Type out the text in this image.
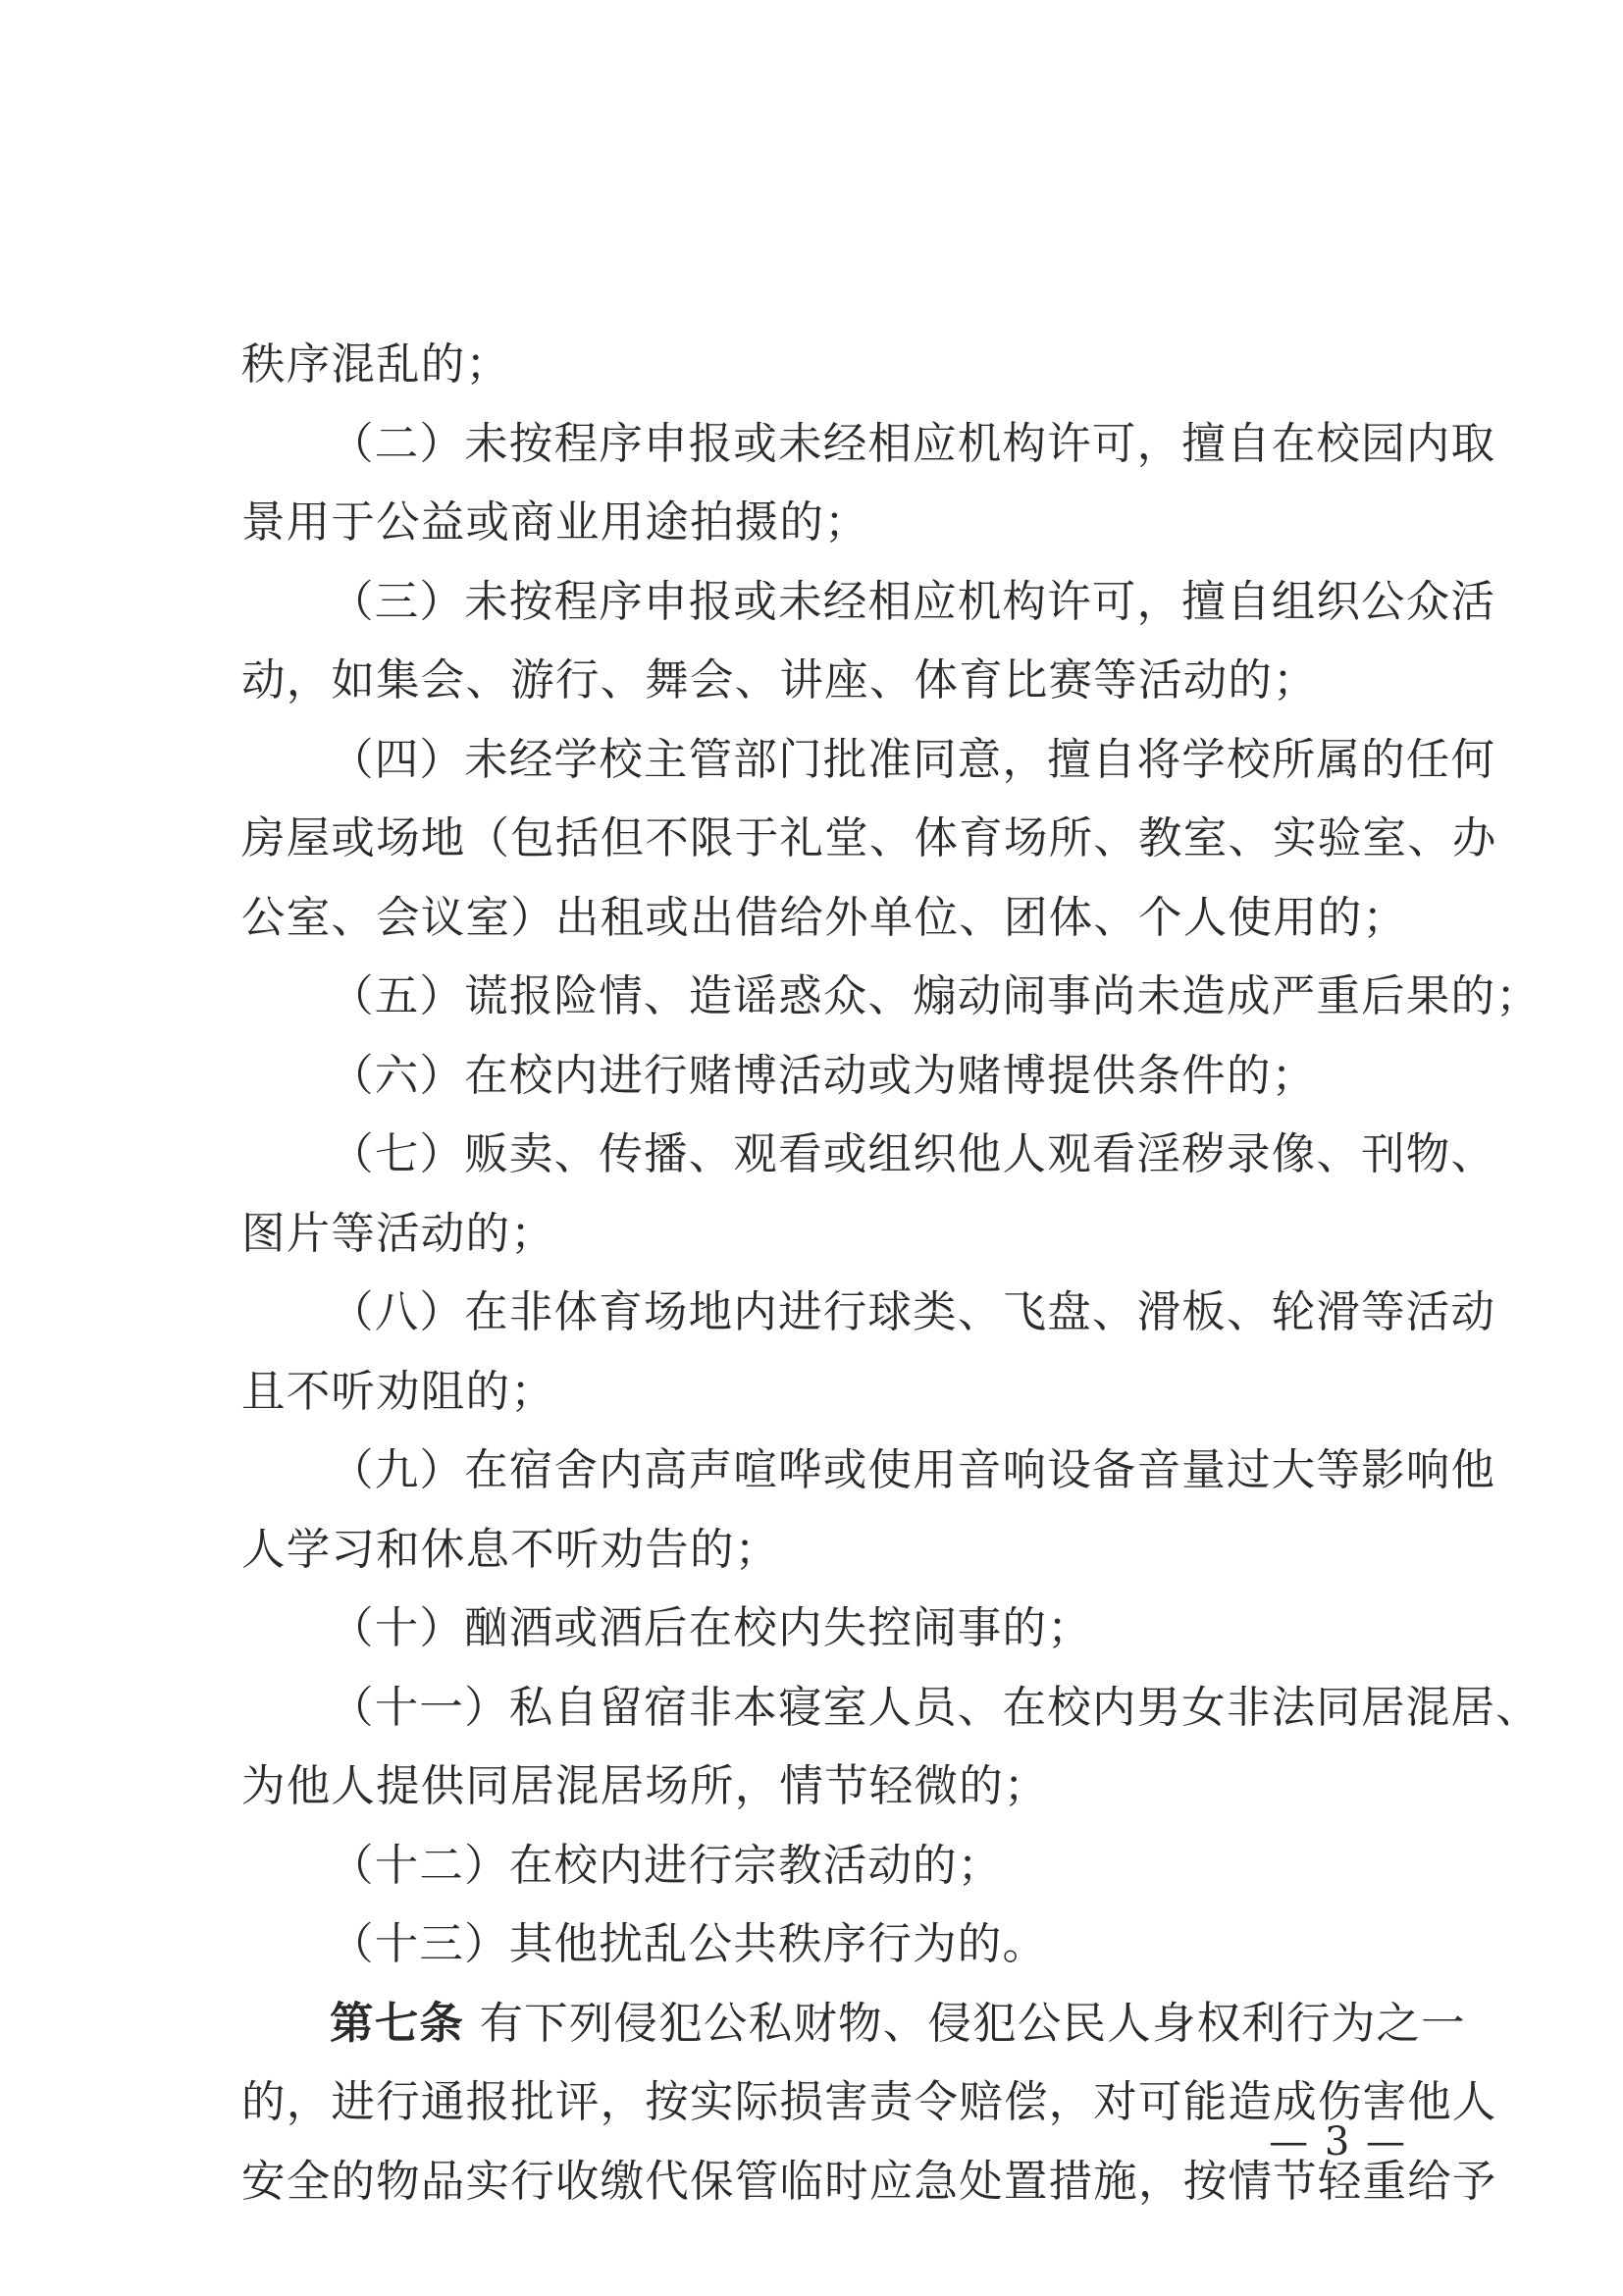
秩序混乱的；
（二）未按程序申报或未经相应机构许可，擅自在校园内取
景用于公益或商业用途拍摄的；
（三）未按程序申报或未经相应机构许可，擅自组织公众活
动，如集会、游行、舞会、讲座、体育比赛等活动的；
（四）未经学校主管部门批准同意，擅自将学校所属的任何
房屋或场地（包括但不限于礼堂、体育场所、教室、实验室、办
公室、会议室）出租或出借给外单位、团体、个人使用的；
（五）谎报险情、造谣惑众、煽动闹事尚未造成严重后果的；
（六）在校内进行赌博活动或为赌博提供条件的；
（七）贩卖、传播、观看或组织他人观看淫秽录像、刊物、
图片等活动的；
（八）在非体育场地内进行球类、飞盘、滑板、轮滑等活动
且不听劝阻的；
（九）在宿舍内高声喧哗或使用音响设备音量过大等影响他
人学习和休息不听劝告的；
（十）酗酒或酒后在校内失控闹事的；
（十一）私自留宿非本寝室人员、在校内男女非法同居混居、
为他人提供同居混居场所，情节轻微的；
（十二）在校内进行宗教活动的；
（十三）其他扰乱公共秩序行为的。
第七条 有下列侵犯公私财物、侵犯公民人身权利行为之一
的，进行通报批评，按实际损害责令赔偿，对可能造成伤害他人
安全的物品实行收缴代保管临时应急处置措施，按情节轻重给予
— 3 —
